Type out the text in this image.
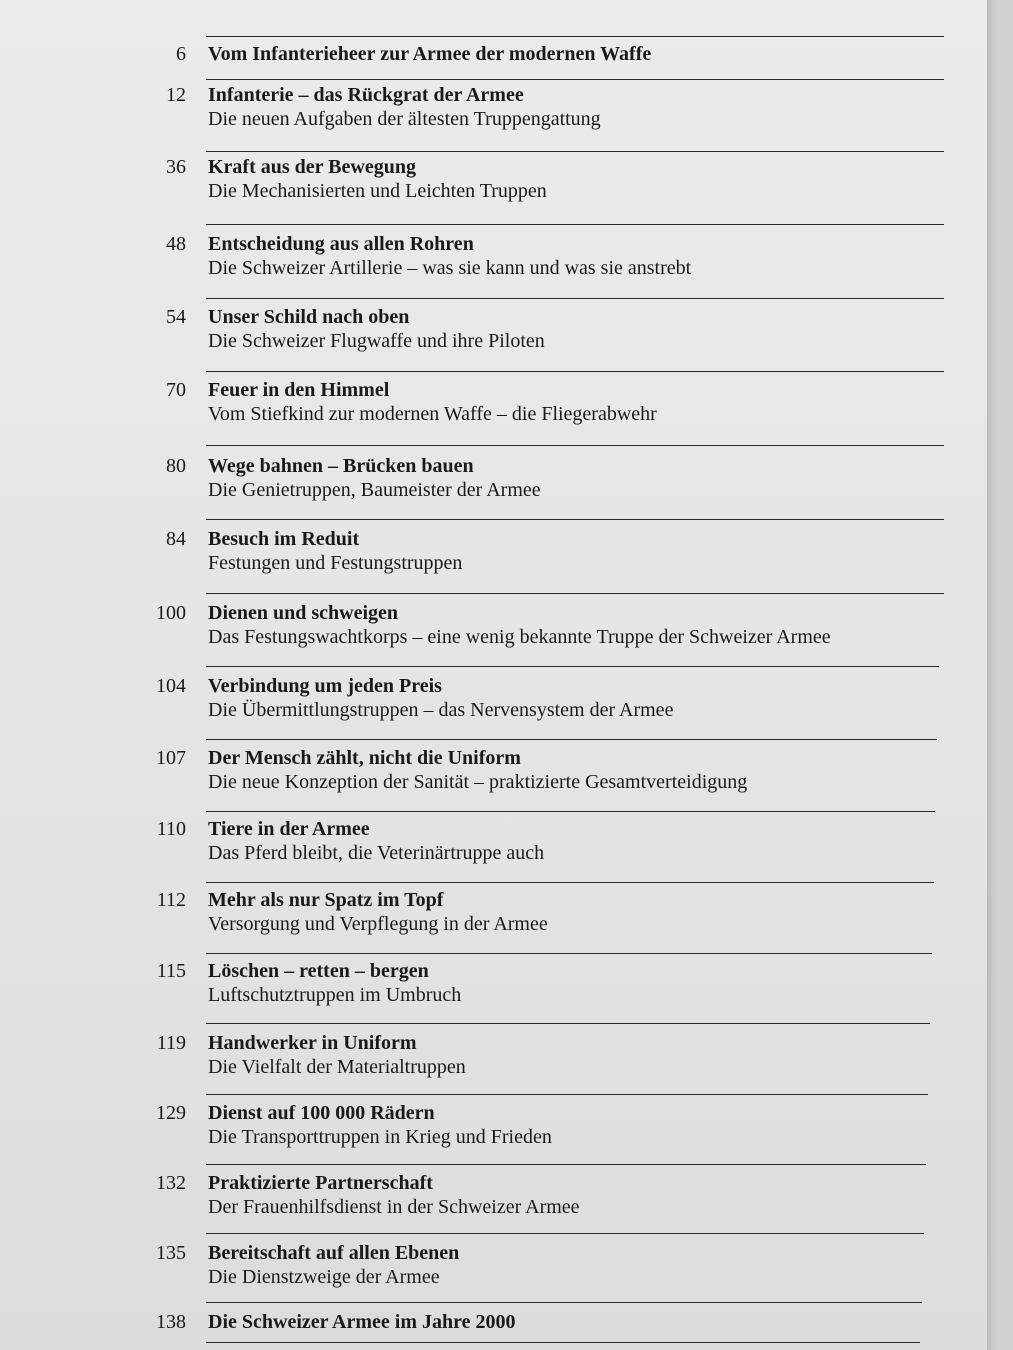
6 Vom Infanterieheer zur Armee der modernen Waffe
12 Infanterie – das Rückgrat der Armee
Die neuen Aufgaben der ältesten Truppengattung
36 Kraft aus der Bewegung
Die Mechanisierten und Leichten Truppen
48 Entscheidung aus allen Rohren
Die Schweizer Artillerie – was sie kann und was sie anstrebt
54 Unser Schild nach oben
Die Schweizer Flugwaffe und ihre Piloten
70 Feuer in den Himmel
Vom Stiefkind zur modernen Waffe – die Fliegerabwehr
80 Wege bahnen – Brücken bauen
Die Genietruppen, Baumeister der Armee
84 Besuch im Reduit
Festungen und Festungstruppen
100 Dienen und schweigen
Das Festungswachtkorps – eine wenig bekannte Truppe der Schweizer Armee
104 Verbindung um jeden Preis
Die Übermittlungstruppen – das Nervensystem der Armee
107 Der Mensch zählt, nicht die Uniform
Die neue Konzeption der Sanität – praktizierte Gesamtverteidigung
110 Tiere in der Armee
Das Pferd bleibt, die Veterinärtruppe auch
112 Mehr als nur Spatz im Topf
Versorgung und Verpflegung in der Armee
115 Löschen – retten – bergen
Luftschutztruppen im Umbruch
119 Handwerker in Uniform
Die Vielfalt der Materialtruppen
129 Dienst auf 100 000 Rädern
Die Transporttruppen in Krieg und Frieden
132 Praktizierte Partnerschaft
Der Frauenhilfsdienst in der Schweizer Armee
135 Bereitschaft auf allen Ebenen
Die Dienstzweige der Armee
138 Die Schweizer Armee im Jahre 2000
